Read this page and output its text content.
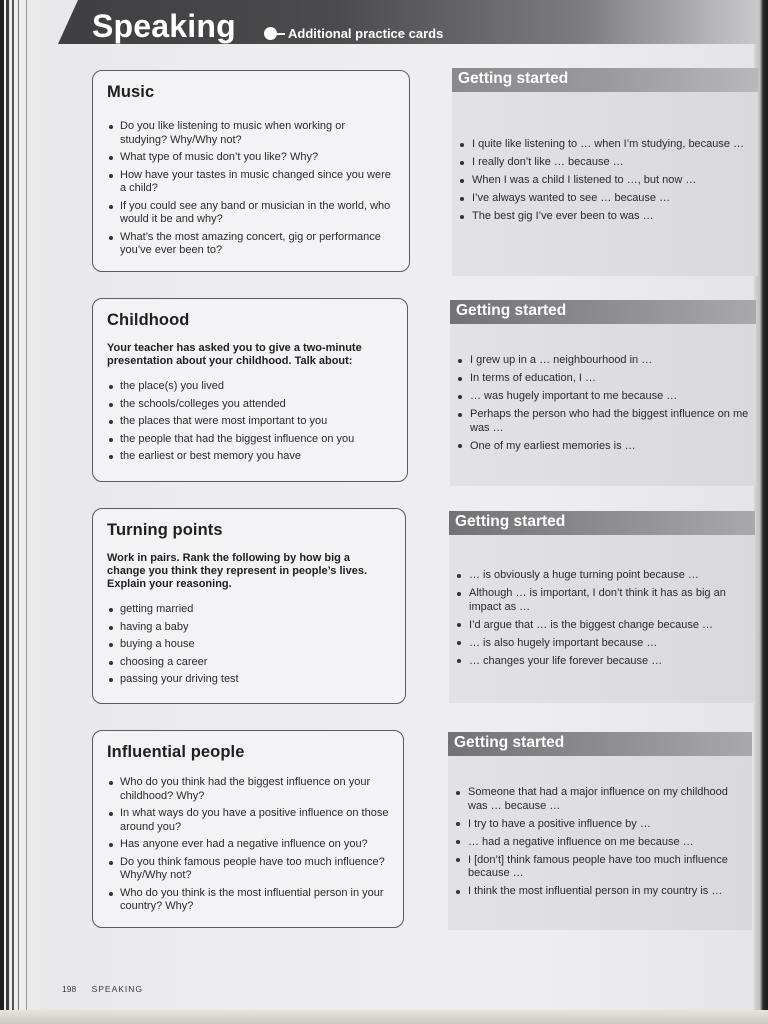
Speaking	Additional practice cards
Music
Do you like listening to music when working or studying? Why/Why not?
What type of music don’t you like? Why?
How have your tastes in music changed since you were a child?
If you could see any band or musician in the world, who would it be and why?
What’s the most amazing concert, gig or performance you’ve ever been to?
Childhood
Your teacher has asked you to give a two-minute presentation about your childhood. Talk about:
the place(s) you lived
the schools/colleges you attended
the places that were most important to you
the people that had the biggest influence on you
the earliest or best memory you have
Turning points
Work in pairs. Rank the following by how big a change you think they represent in people’s lives. Explain your reasoning.
getting married
having a baby
buying a house
choosing a career
passing your driving test
Influential people
Who do you think had the biggest influence on your childhood? Why?
In what ways do you have a positive influence on those around you?
Has anyone ever had a negative influence on you?
Do you think famous people have too much influence? Why/Why not?
Who do you think is the most influential person in your country? Why?
Getting started
I quite like listening to … when I’m studying, because …
I really don’t like … because …
When I was a child I listened to …, but now …
I’ve always wanted to see … because …
The best gig I’ve ever been to was …
Getting started
I grew up in a … neighbourhood in …
In terms of education, I …
… was hugely important to me because …
Perhaps the person who had the biggest influence on me was …
One of my earliest memories is …
Getting started
… is obviously a huge turning point because …
Although … is important, I don’t think it has as big an impact as …
I’d argue that … is the biggest change because …
… is also hugely important because …
… changes your life forever because …
Getting started
Someone that had a major influence on my childhood was … because …
I try to have a positive influence by …
… had a negative influence on me because …
I [don’t] think famous people have too much influence because …
I think the most influential person in my country is …
198 SPEAKING
